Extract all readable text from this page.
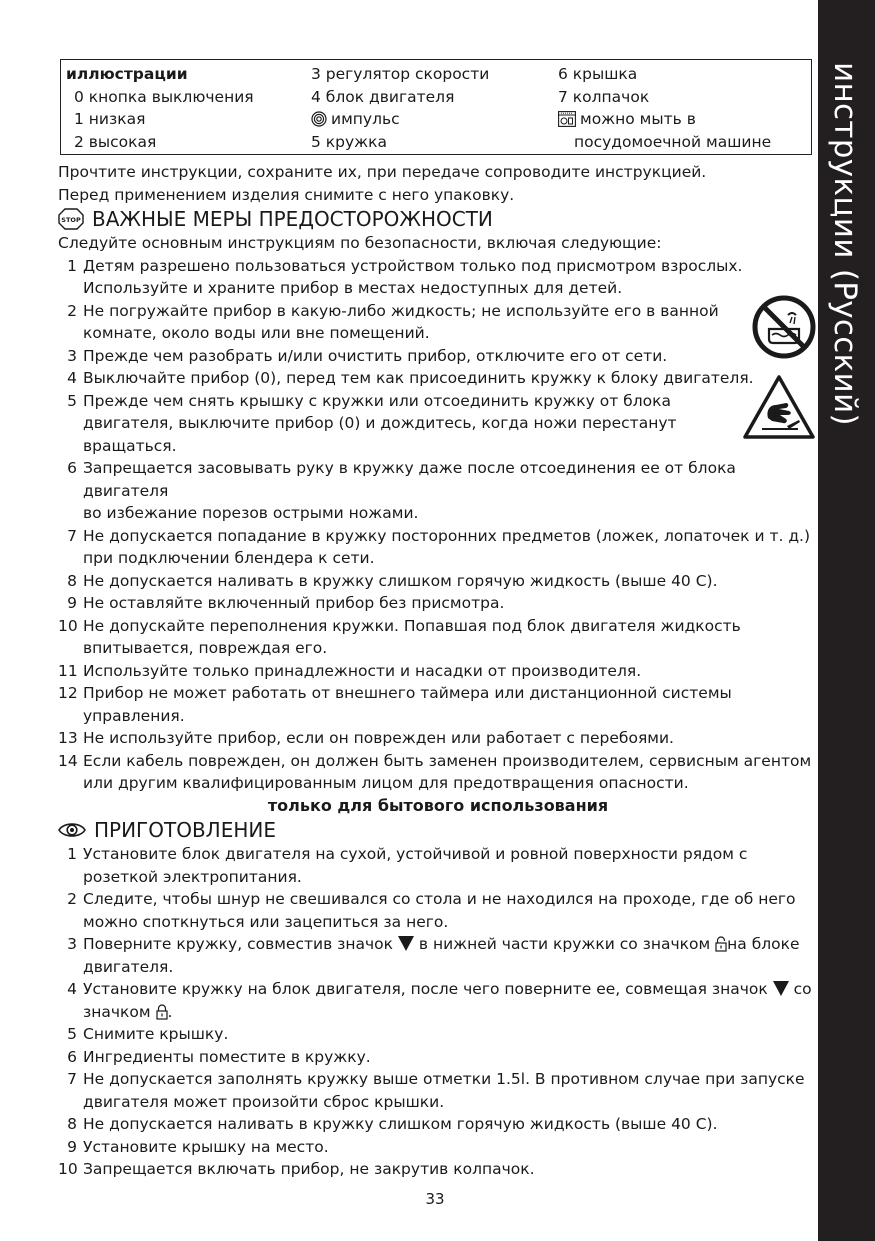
инструкции (Русский)
иллюстрации
0 кнопка выключения
1 низкая
2 высокая
3 регулятор скорости
4 блок двигателя
импульс
5 кружка
6 крышка
7 колпачок
можно мыть в
посудомоечной машине

Прочтите инструкции, сохраните их, при передаче сопроводите инструкцией.

Перед применением изделия снимите с него упаковку.

STOP ВАЖНЫЕ МЕРЫ ПРЕДОСТОРОЖНОСТИ

Следуйте основным инструкциям по безопасности, включая следующие:

1 Детям разрешено пользоваться устройством только под присмотром взрослых.
Используйте и храните прибор в местах недоступных для детей.
2 Не погружайте прибор в какую-либо жидкость; не используйте его в ванной
комнате, около воды или вне помещений.
3 Прежде чем разобрать и/или очистить прибор, отключите его от сети.
4 Выключайте прибор (0), перед тем как присоединить кружку к блоку двигателя.
5 Прежде чем снять крышку с кружки или отсоединить кружку от блока
двигателя, выключите прибор (0) и дождитесь, когда ножи перестанут
вращаться.
6 Запрещается засовывать руку в кружку даже после отсоединения ее от блока двигателя
во избежание порезов острыми ножами.
7 Не допускается попадание в кружку посторонних предметов (ложек, лопаточек и т. д.)
при подключении блендера к сети.
8 Не допускается наливать в кружку слишком горячую жидкость (выше 40 C).
9 Не оставляйте включенный прибор без присмотра.
10 Не допускайте переполнения кружки. Попавшая под блок двигателя жидкость
впитывается, повреждая его.
11 Используйте только принадлежности и насадки от производителя.
12 Прибор не может работать от внешнего таймера или дистанционной системы
управления.
13 Не используйте прибор, если он поврежден или работает с перебоями.
14 Если кабель поврежден, он должен быть заменен производителем, сервисным агентом
или другим квалифицированным лицом для предотвращения опасности.

только для бытового использования

ПРИГОТОВЛЕНИЕ
1 Установите блок двигателя на сухой, устойчивой и ровной поверхности рядом с
розеткой электропитания.
2 Следите, чтобы шнур не свешивался со стола и не находился на проходе, где об него
можно споткнуться или зацепиться за него.
3 Поверните кружку, совместив значок в нижней части кружки со значком на блоке
двигателя.
4 Установите кружку на блок двигателя, после чего поверните ее, совмещая значок со
значком .
5 Снимите крышку.
6 Ингредиенты поместите в кружку.
7 Не допускается заполнять кружку выше отметки 1.5l. В противном случае при запуске
двигателя может произойти сброс крышки.
8 Не допускается наливать в кружку слишком горячую жидкость (выше 40 C).
9 Установите крышку на место.
10 Запрещается включать прибор, не закрутив колпачок.
33
